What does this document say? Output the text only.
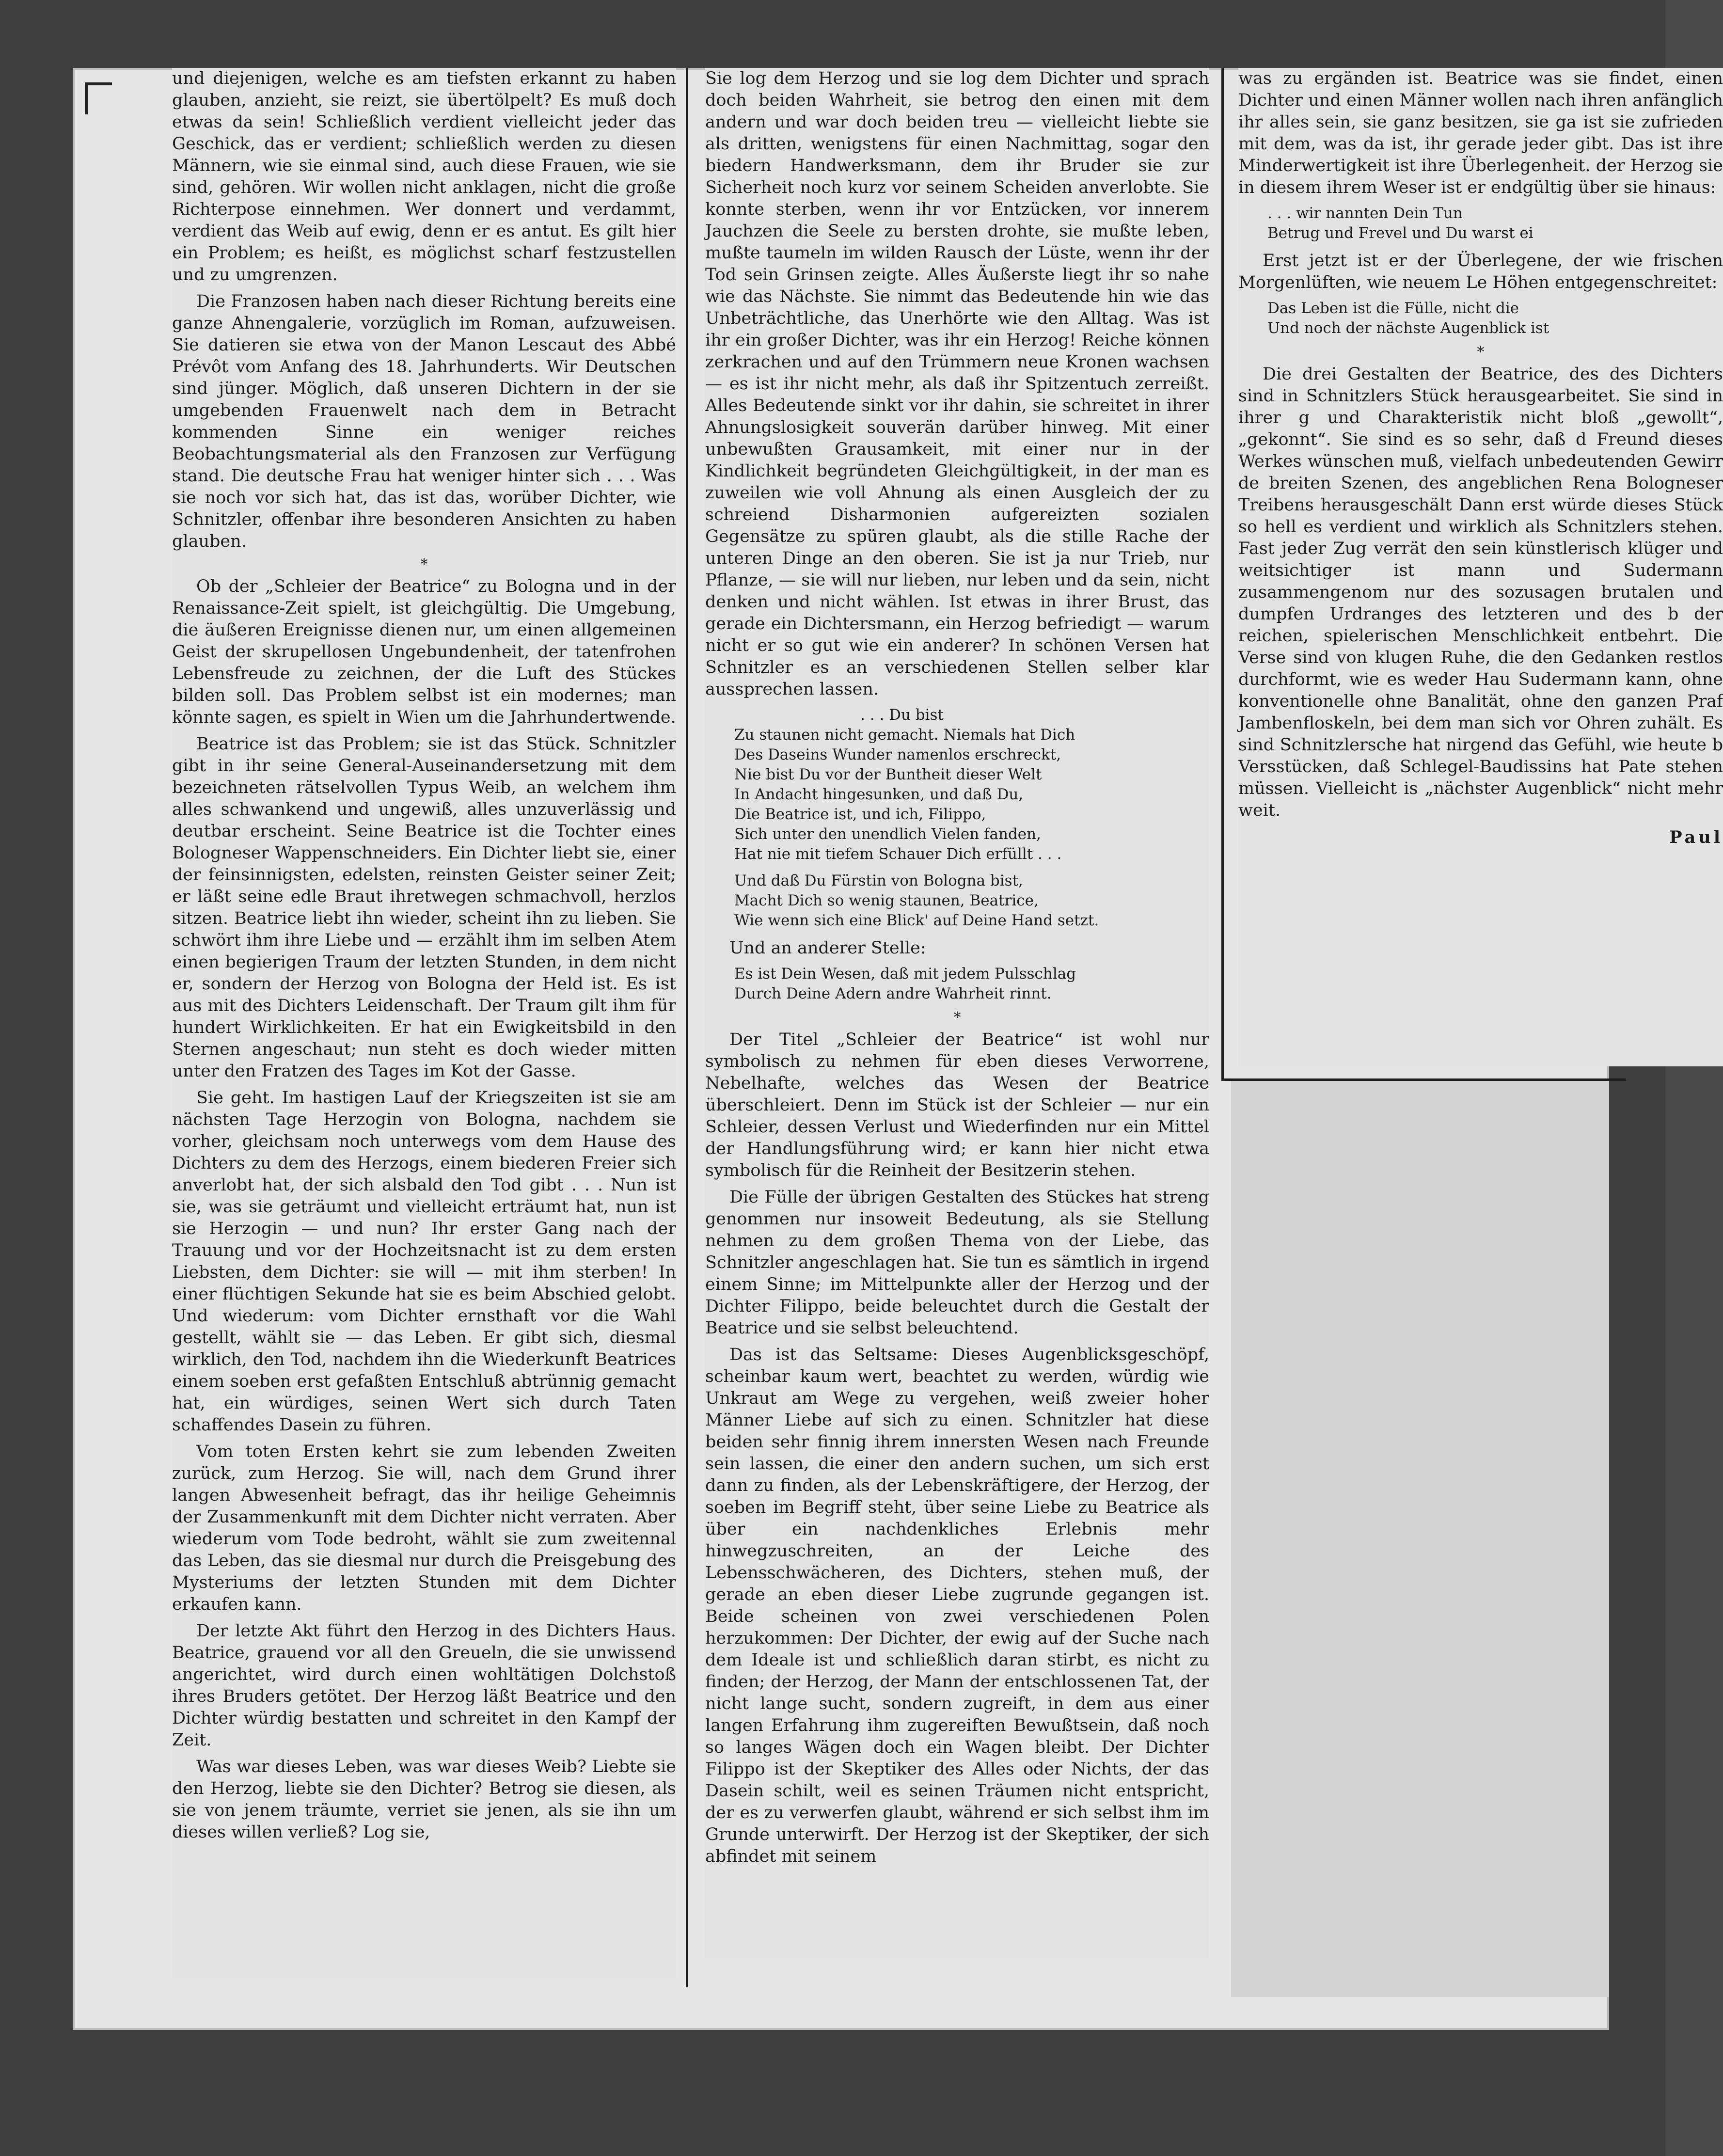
und diejenigen, welche es am tiefsten erkannt zu haben glauben, anzieht, sie reizt, sie übertölpelt? Es muß doch etwas da sein! Schließlich verdient vielleicht jeder das Geschick, das er verdient; schließlich werden zu diesen Männern, wie sie einmal sind, auch diese Frauen, wie sie sind, gehören. Wir wollen nicht anklagen, nicht die große Richterpose einnehmen. Wer donnert und verdammt, verdient das Weib auf ewig, denn er es antut. Es gilt hier ein Problem; es heißt, es möglichst scharf festzustellen und zu umgrenzen.

Die Franzosen haben nach dieser Richtung bereits eine ganze Ahnengalerie, vorzüglich im Roman, aufzuweisen. Sie datieren sie etwa von der Manon Lescaut des Abbé Prévôt vom Anfang des 18. Jahrhunderts. Wir Deutschen sind jünger. Möglich, daß unseren Dichtern in der sie umgebenden Frauenwelt nach dem in Betracht kommenden Sinne ein weniger reiches Beobachtungsmaterial als den Franzosen zur Verfügung stand. Die deutsche Frau hat weniger hinter sich . . . Was sie noch vor sich hat, das ist das, worüber Dichter, wie Schnitzler, offenbar ihre besonderen Ansichten zu haben glauben.

*

Ob der „Schleier der Beatrice“ zu Bologna und in der Renaissance-Zeit spielt, ist gleichgültig. Die Umgebung, die äußeren Ereignisse dienen nur, um einen allgemeinen Geist der skrupellosen Ungebundenheit, der tatenfrohen Lebensfreude zu zeichnen, der die Luft des Stückes bilden soll. Das Problem selbst ist ein modernes; man könnte sagen, es spielt in Wien um die Jahrhundertwende.

Beatrice ist das Problem; sie ist das Stück. Schnitzler gibt in ihr seine General-Auseinandersetzung mit dem bezeichneten rätselvollen Typus Weib, an welchem ihm alles schwankend und ungewiß, alles unzuverlässig und deutbar erscheint. Seine Beatrice ist die Tochter eines Bologneser Wappenschneiders. Ein Dichter liebt sie, einer der feinsinnigsten, edelsten, reinsten Geister seiner Zeit; er läßt seine edle Braut ihretwegen schmachvoll, herzlos sitzen. Beatrice liebt ihn wieder, scheint ihn zu lieben. Sie schwört ihm ihre Liebe und — erzählt ihm im selben Atem einen begierigen Traum der letzten Stunden, in dem nicht er, sondern der Herzog von Bologna der Held ist. Es ist aus mit des Dichters Leidenschaft. Der Traum gilt ihm für hundert Wirklichkeiten. Er hat ein Ewigkeitsbild in den Sternen angeschaut; nun steht es doch wieder mitten unter den Fratzen des Tages im Kot der Gasse.

Sie geht. Im hastigen Lauf der Kriegszeiten ist sie am nächsten Tage Herzogin von Bologna, nachdem sie vorher, gleichsam noch unterwegs vom dem Hause des Dichters zu dem des Herzogs, einem biederen Freier sich anverlobt hat, der sich alsbald den Tod gibt . . . Nun ist sie, was sie geträumt und vielleicht erträumt hat, nun ist sie Herzogin — und nun? Ihr erster Gang nach der Trauung und vor der Hochzeitsnacht ist zu dem ersten Liebsten, dem Dichter: sie will — mit ihm sterben! In einer flüchtigen Sekunde hat sie es beim Abschied gelobt. Und wiederum: vom Dichter ernsthaft vor die Wahl gestellt, wählt sie — das Leben. Er gibt sich, diesmal wirklich, den Tod, nachdem ihn die Wiederkunft Beatrices einem soeben erst gefaßten Entschluß abtrünnig gemacht hat, ein würdiges, seinen Wert sich durch Taten schaffendes Dasein zu führen.

Vom toten Ersten kehrt sie zum lebenden Zweiten zurück, zum Herzog. Sie will, nach dem Grund ihrer langen Abwesenheit befragt, das ihr heilige Geheimnis der Zusammenkunft mit dem Dichter nicht verraten. Aber wiederum vom Tode bedroht, wählt sie zum zweitennal das Leben, das sie diesmal nur durch die Preisgebung des Mysteriums der letzten Stunden mit dem Dichter erkaufen kann.

Der letzte Akt führt den Herzog in des Dichters Haus. Beatrice, grauend vor all den Greueln, die sie unwissend angerichtet, wird durch einen wohltätigen Dolchstoß ihres Bruders getötet. Der Herzog läßt Beatrice und den Dichter würdig bestatten und schreitet in den Kampf der Zeit.

Was war dieses Leben, was war dieses Weib? Liebte sie den Herzog, liebte sie den Dichter? Betrog sie diesen, als sie von jenem träumte, verriet sie jenen, als sie ihn um dieses willen verließ? Log sie,

Sie log dem Herzog und sie log dem Dichter und sprach doch beiden Wahrheit, sie betrog den einen mit dem andern und war doch beiden treu — vielleicht liebte sie als dritten, wenigstens für einen Nachmittag, sogar den biedern Handwerksmann, dem ihr Bruder sie zur Sicherheit noch kurz vor seinem Scheiden anverlobte. Sie konnte sterben, wenn ihr vor Entzücken, vor innerem Jauchzen die Seele zu bersten drohte, sie mußte leben, mußte taumeln im wilden Rausch der Lüste, wenn ihr der Tod sein Grinsen zeigte. Alles Äußerste liegt ihr so nahe wie das Nächste. Sie nimmt das Bedeutende hin wie das Unbeträchtliche, das Unerhörte wie den Alltag. Was ist ihr ein großer Dichter, was ihr ein Herzog! Reiche können zerkrachen und auf den Trümmern neue Kronen wachsen — es ist ihr nicht mehr, als daß ihr Spitzentuch zerreißt. Alles Bedeutende sinkt vor ihr dahin, sie schreitet in ihrer Ahnungslosigkeit souverän darüber hinweg. Mit einer unbewußten Grausamkeit, mit einer nur in der Kindlichkeit begründeten Gleichgültigkeit, in der man es zuweilen wie voll Ahnung als einen Ausgleich der zu schreiend Disharmonien aufgereizten sozialen Gegensätze zu spüren glaubt, als die stille Rache der unteren Dinge an den oberen. Sie ist ja nur Trieb, nur Pflanze, — sie will nur lieben, nur leben und da sein, nicht denken und nicht wählen. Ist etwas in ihrer Brust, das gerade ein Dichtersmann, ein Herzog befriedigt — warum nicht er so gut wie ein anderer? In schönen Versen hat Schnitzler es an verschiedenen Stellen selber klar aussprechen lassen.

. . . Du bist
Zu staunen nicht gemacht. Niemals hat Dich
Des Daseins Wunder namenlos erschreckt,
Nie bist Du vor der Buntheit dieser Welt
In Andacht hingesunken, und daß Du,
Die Beatrice ist, und ich, Filippo,
Sich unter den unendlich Vielen fanden,
Hat nie mit tiefem Schauer Dich erfüllt . . .
Und daß Du Fürstin von Bologna bist,
Macht Dich so wenig staunen, Beatrice,
Wie wenn sich eine Blick' auf Deine Hand setzt.

Und an anderer Stelle:

Es ist Dein Wesen, daß mit jedem Pulsschlag
Durch Deine Adern andre Wahrheit rinnt.
*

Der Titel „Schleier der Beatrice“ ist wohl nur symbolisch zu nehmen für eben dieses Verworrene, Nebelhafte, welches das Wesen der Beatrice überschleiert. Denn im Stück ist der Schleier — nur ein Schleier, dessen Verlust und Wiederfinden nur ein Mittel der Handlungsführung wird; er kann hier nicht etwa symbolisch für die Reinheit der Besitzerin stehen.

Die Fülle der übrigen Gestalten des Stückes hat streng genommen nur insoweit Bedeutung, als sie Stellung nehmen zu dem großen Thema von der Liebe, das Schnitzler angeschlagen hat. Sie tun es sämtlich in irgend einem Sinne; im Mittelpunkte aller der Herzog und der Dichter Filippo, beide beleuchtet durch die Gestalt der Beatrice und sie selbst beleuchtend.

Das ist das Seltsame: Dieses Augenblicksgeschöpf, scheinbar kaum wert, beachtet zu werden, würdig wie Unkraut am Wege zu vergehen, weiß zweier hoher Männer Liebe auf sich zu einen. Schnitzler hat diese beiden sehr finnig ihrem innersten Wesen nach Freunde sein lassen, die einer den andern suchen, um sich erst dann zu finden, als der Lebenskräftigere, der Herzog, der soeben im Begriff steht, über seine Liebe zu Beatrice als über ein nachdenkliches Erlebnis mehr hinwegzuschreiten, an der Leiche des Lebensschwächeren, des Dichters, stehen muß, der gerade an eben dieser Liebe zugrunde gegangen ist. Beide scheinen von zwei verschiedenen Polen herzukommen: Der Dichter, der ewig auf der Suche nach dem Ideale ist und schließlich daran stirbt, es nicht zu finden; der Herzog, der Mann der entschlossenen Tat, der nicht lange sucht, sondern zugreift, in dem aus einer langen Erfahrung ihm zugereiften Bewußtsein, daß noch so langes Wägen doch ein Wagen bleibt. Der Dichter Filippo ist der Skeptiker des Alles oder Nichts, der das Dasein schilt, weil es seinen Träumen nicht entspricht, der es zu verwerfen glaubt, während er sich selbst ihm im Grunde unterwirft. Der Herzog ist der Skeptiker, der sich abfindet mit seinem

was zu ergänden ist. Beatrice was sie findet, einen Dichter und einen Männer wollen nach ihren anfänglich ihr alles sein, sie ganz besitzen, sie ga ist sie zufrieden mit dem, was da ist, ihr gerade jeder gibt. Das ist ihre Minderwertigkeit ist ihre Überlegenheit. der Herzog sie in diesem ihrem Weser ist er endgültig über sie hinaus:

. . . wir nannten Dein Tun
Betrug und Frevel und Du warst ei

Erst jetzt ist er der Überlegene, der wie frischen Morgenlüften, wie neuem Le Höhen entgegenschreitet:

Das Leben ist die Fülle, nicht die
Und noch der nächste Augenblick ist
*

Die drei Gestalten der Beatrice, des des Dichters sind in Schnitzlers Stück herausgearbeitet. Sie sind in ihrer g und Charakteristik nicht bloß „gewollt“, „gekonnt“. Sie sind es so sehr, daß d Freund dieses Werkes wünschen muß, vielfach unbedeutenden Gewirr de breiten Szenen, des angeblichen Rena Bologneser Treibens herausgeschält Dann erst würde dieses Stück so hell es verdient und wirklich als Schnitzlers stehen. Fast jeder Zug verrät den sein künstlerisch klüger und weitsichtiger ist mann und Sudermann zusammengenom nur des sozusagen brutalen und dumpfen Urdranges des letzteren und des b der reichen, spielerischen Menschlichkeit entbehrt. Die Verse sind von klugen Ruhe, die den Gedanken restlos durchformt, wie es weder Hau Sudermann kann, ohne konventionelle ohne Banalität, ohne den ganzen Praf Jambenfloskeln, bei dem man sich vor Ohren zuhält. Es sind Schnitzlersche hat nirgend das Gefühl, wie heute b Versstücken, daß Schlegel-Baudissins hat Pate stehen müssen. Vielleicht is „nächster Augenblick“ nicht mehr weit.

Paul
